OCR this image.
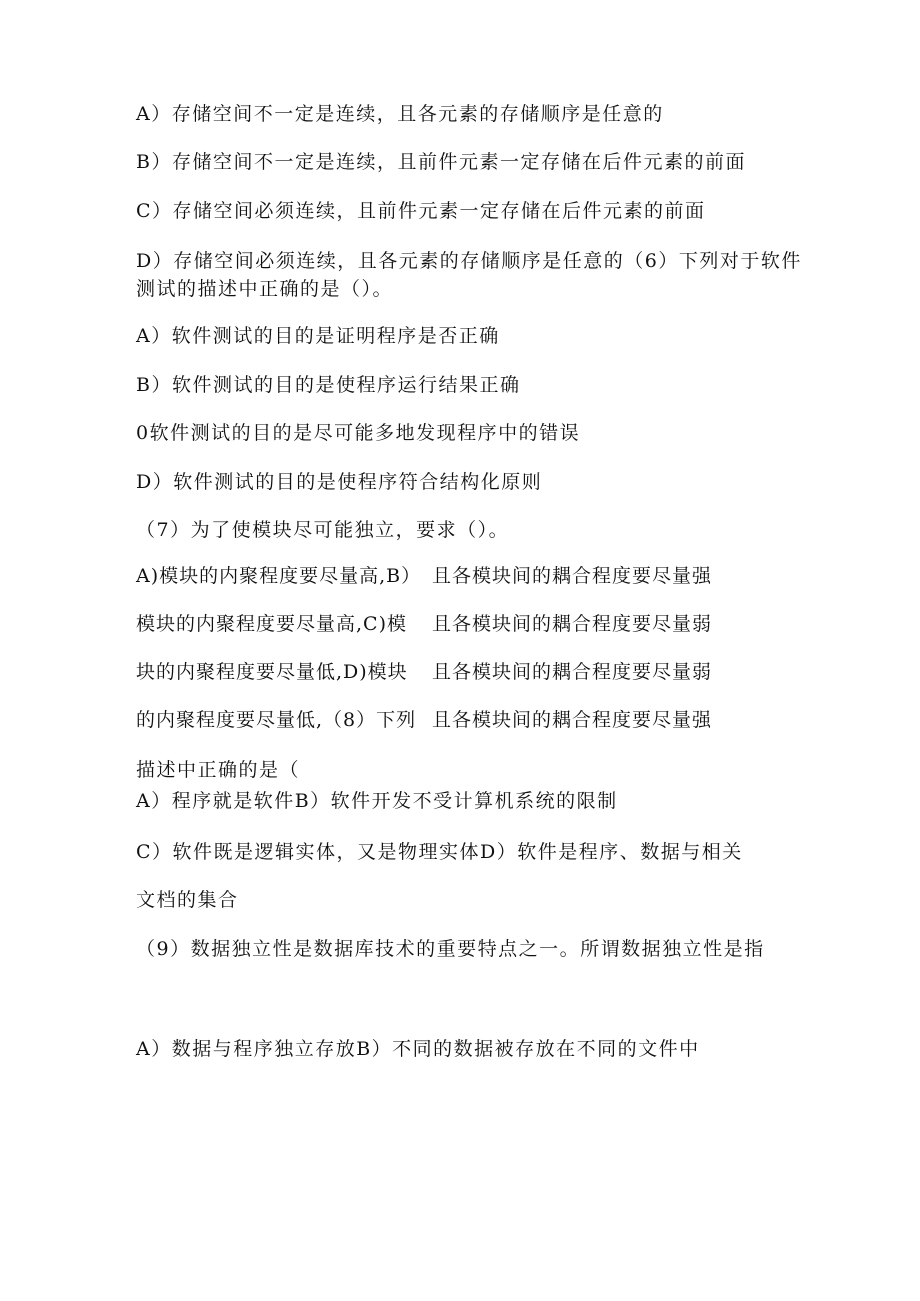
A）存储空间不一定是连续，且各元素的存储顺序是任意的
B）存储空间不一定是连续，且前件元素一定存储在后件元素的前面
C）存储空间必须连续，且前件元素一定存储在后件元素的前面
D）存储空间必须连续，且各元素的存储顺序是任意的（6）下列对于软件
测试的描述中正确的是（）。
A）软件测试的目的是证明程序是否正确
B）软件测试的目的是使程序运行结果正确
0软件测试的目的是尽可能多地发现程序中的错误
D）软件测试的目的是使程序符合结构化原则
（7）为了使模块尽可能独立，要求（）。
A)模块的内聚程度要尽量高,B） 且各模块间的耦合程度要尽量强
模块的内聚程度要尽量高,C)模 且各模块间的耦合程度要尽量弱
块的内聚程度要尽量低,D)模块 且各模块间的耦合程度要尽量弱
的内聚程度要尽量低,（8）下列 且各模块间的耦合程度要尽量强
描述中正确的是（
A）程序就是软件B）软件开发不受计算机系统的限制
C）软件既是逻辑实体，又是物理实体D）软件是程序、数据与相关
文档的集合
（9）数据独立性是数据库技术的重要特点之一。所谓数据独立性是指
A）数据与程序独立存放B）不同的数据被存放在不同的文件中
